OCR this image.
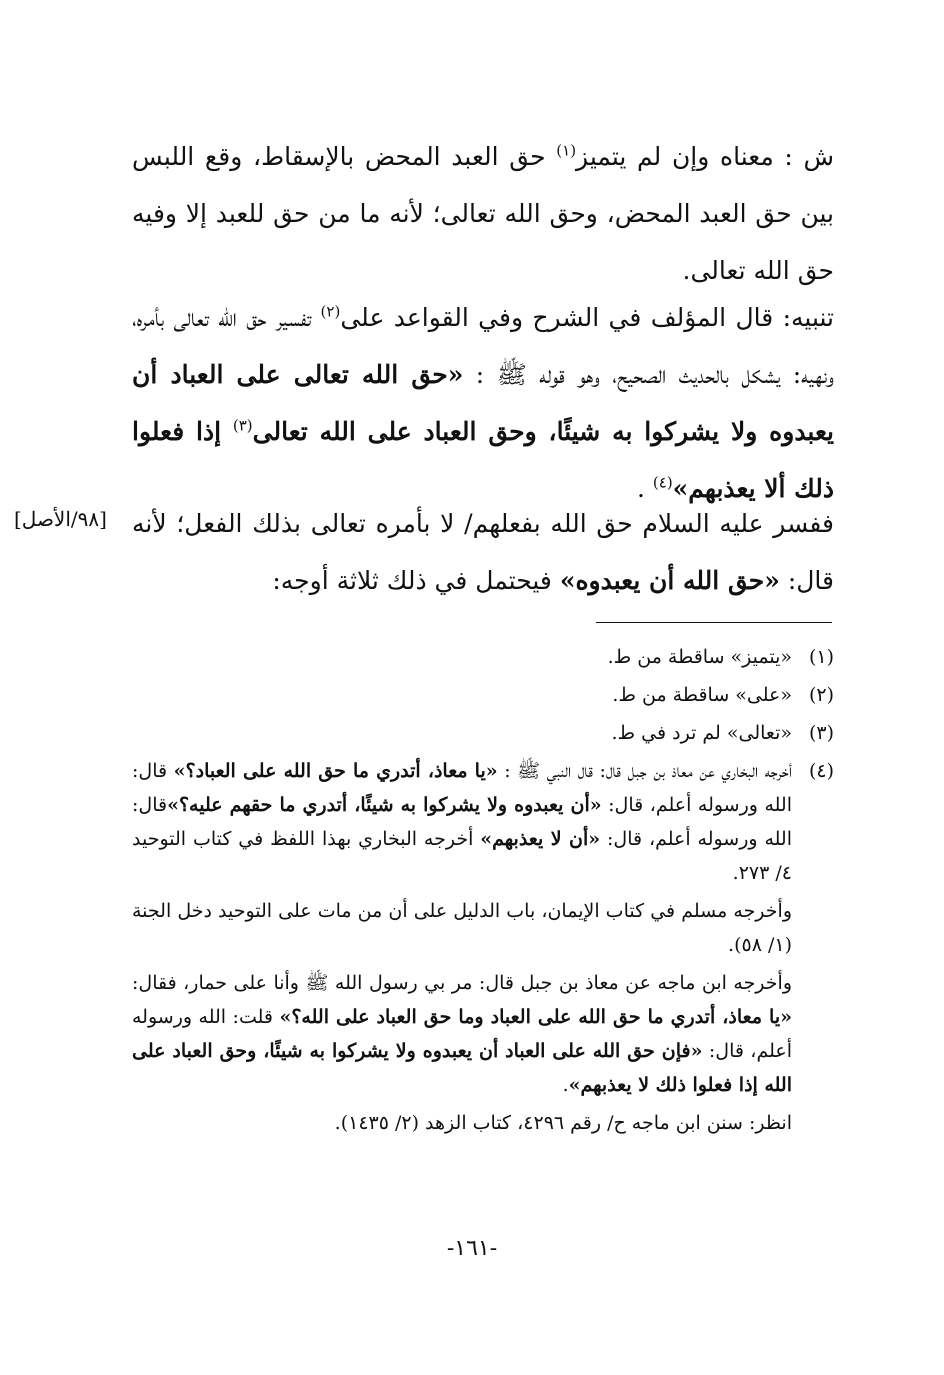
ش : معناه وإن لم يتميز$^{(١)}$ حق العبد المحض بالإسقاط، وقع اللبس بين حق العبد المحض، وحق الله تعالى؛ لأنه ما من حق للعبد إلا وفيه حق الله تعالى.
تنبيه: قال المؤلف في الشرح وفي القواعد على$^{(٢)}$ تفسير حق الله تعالى بأمره، ونهيه: يشكل بالحديث الصحيح، وهو قوله ﷺ : «حق الله تعالى على العباد أن يعبدوه ولا يشركوا به شيئًا، وحق العباد على الله تعالى$^{(٣)}$ إذا فعلوا ذلك ألا يعذبهم»$^{(٤)}$ .
ففسر عليه السلام حق الله بفعلهم/ لا بأمره تعالى بذلك الفعل؛ لأنه قال: «حق الله أن يعبدوه» فيحتمل في ذلك ثلاثة أوجه:
[٩٨/الأصل]
(١)
«يتميز» ساقطة من ط.
(٢)
«على» ساقطة من ط.
(٣)
«تعالى» لم ترد في ط.
(٤)
أخرجه البخاري عن معاذ بن جبل قال: قال النبي ﷺ : «يا معاذ، أتدري ما حق الله على العباد؟» قال: الله ورسوله أعلم، قال: «أن يعبدوه ولا يشركوا به شيئًا، أتدري ما حقهم عليه؟»قال: الله ورسوله أعلم، قال: «أن لا يعذبهم» أخرجه البخاري بهذا اللفظ في كتاب التوحيد ٤/ ٢٧٣.
وأخرجه مسلم في كتاب الإيمان، باب الدليل على أن من مات على التوحيد دخل الجنة (١/ ٥٨).
وأخرجه ابن ماجه عن معاذ بن جبل قال: مر بي رسول الله ﷺ وأنا على حمار، فقال: «يا معاذ، أتدري ما حق الله على العباد وما حق العباد على الله؟» قلت: الله ورسوله أعلم، قال: «فإن حق الله على العباد أن يعبدوه ولا يشركوا به شيئًا، وحق العباد على الله إذا فعلوا ذلك لا يعذبهم».
انظر: سنن ابن ماجه ح/ رقم ٤٢٩٦، كتاب الزهد (٢/ ١٤٣٥).
-١٦١-
